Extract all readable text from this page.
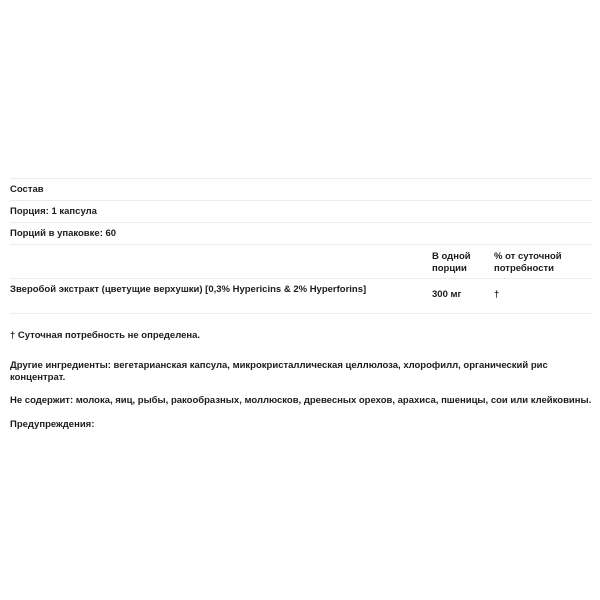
Состав
Порция: 1 капсула
Порций в упаковке: 60
В одной
порции
% от суточной
потребности
Зверобой экстракт (цветущие верхушки) [0,3% Hypericins & 2% Hyperforins]	300 мг	†
† Суточная потребность не определена.
Другие ингредиенты: вегетарианская капсула, микрокристаллическая целлюлоза, хлорофилл, органический рис концентрат.
Не содержит: молока, яиц, рыбы, ракообразных, моллюсков, древесных орехов, арахиса, пшеницы, сои или клейковины.
Предупреждения:
